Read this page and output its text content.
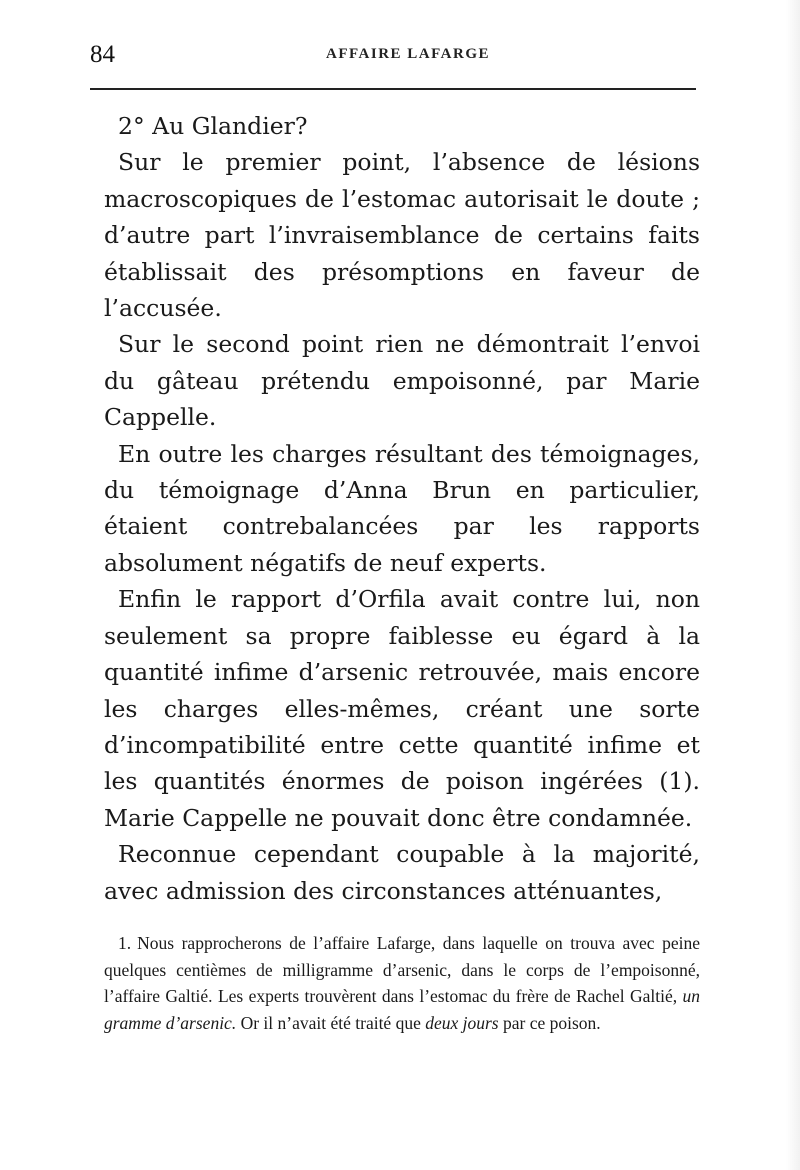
84	AFFAIRE LAFARGE

2° Au Glandier?

Sur le premier point, l’absence de lésions macroscopiques de l’estomac autorisait le doute ; d’autre part l’invraisemblance de certains faits établissait des présomptions en faveur de l’accusée.

Sur le second point rien ne démontrait l’envoi du gâteau prétendu empoisonné, par Marie Cappelle.

En outre les charges résultant des témoignages, du témoignage d’Anna Brun en particulier, étaient contrebalancées par les rapports absolument négatifs de neuf experts.

Enfin le rapport d’Orfila avait contre lui, non seulement sa propre faiblesse eu égard à la quantité infime d’arsenic retrouvée, mais encore les charges elles-mêmes, créant une sorte d’incompatibilité entre cette quantité infime et les quantités énormes de poison ingérées (1). Marie Cappelle ne pouvait donc être condamnée.

Reconnue cependant coupable à la majorité, avec admission des circonstances atténuantes,

1. Nous rapprocherons de l’affaire Lafarge, dans laquelle on trouva avec peine quelques centièmes de milligramme d’arsenic, dans le corps de l’empoisonné, l’affaire Galtié. Les experts trouvèrent dans l’estomac du frère de Rachel Galtié, un gramme d’arsenic. Or il n’avait été traité que deux jours par ce poison.
